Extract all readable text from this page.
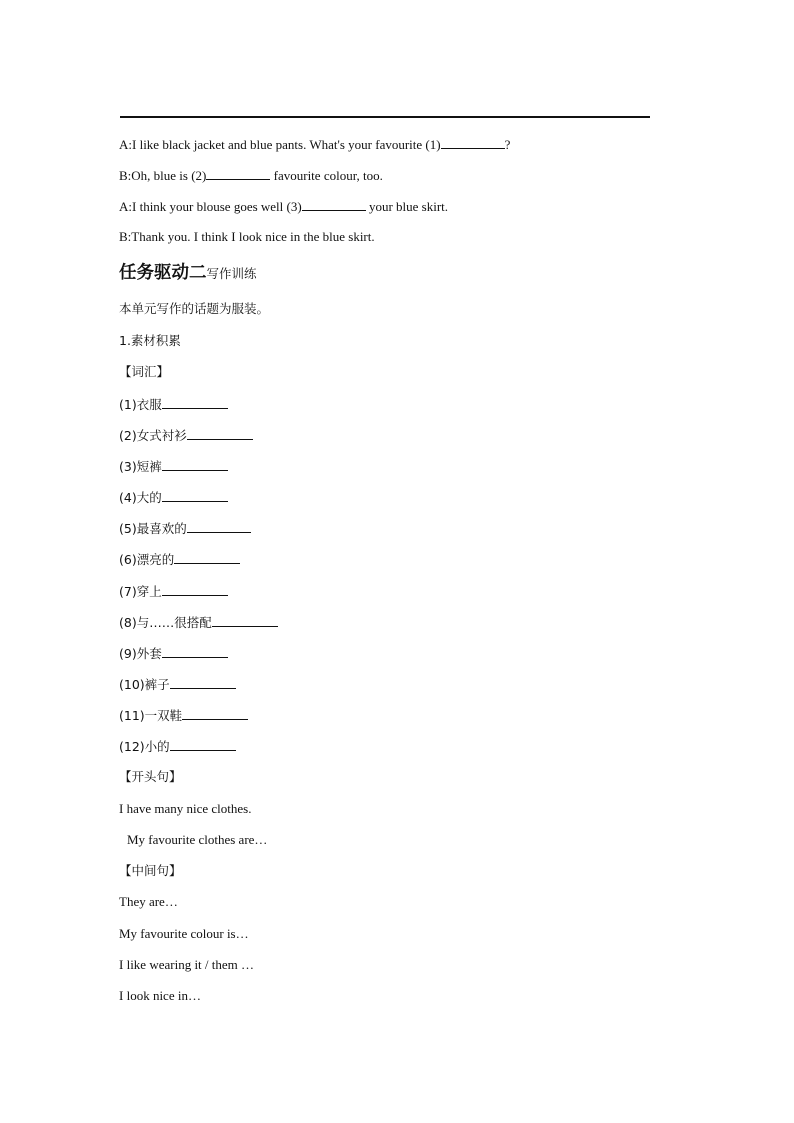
A:I like black jacket and blue pants. What's your favourite (1)	?
B:Oh, blue is (2)	favourite colour, too.
A:I think your blouse goes well (3)	your blue skirt.
B:Thank you. I think I look nice in the blue skirt.
任务驱动二写作训练
本单元写作的话题为服装。
1.素材积累
【词汇】
(1)衣服
(2)女式衬衫
(3)短裤
(4)大的
(5)最喜欢的
(6)漂亮的
(7)穿上
(8)与……很搭配
(9)外套
(10)裤子
(11)一双鞋
(12)小的
【开头句】
I have many nice clothes.
My favourite clothes are…
【中间句】
They are…
My favourite colour is…
I like wearing it / them …
I look nice in…
